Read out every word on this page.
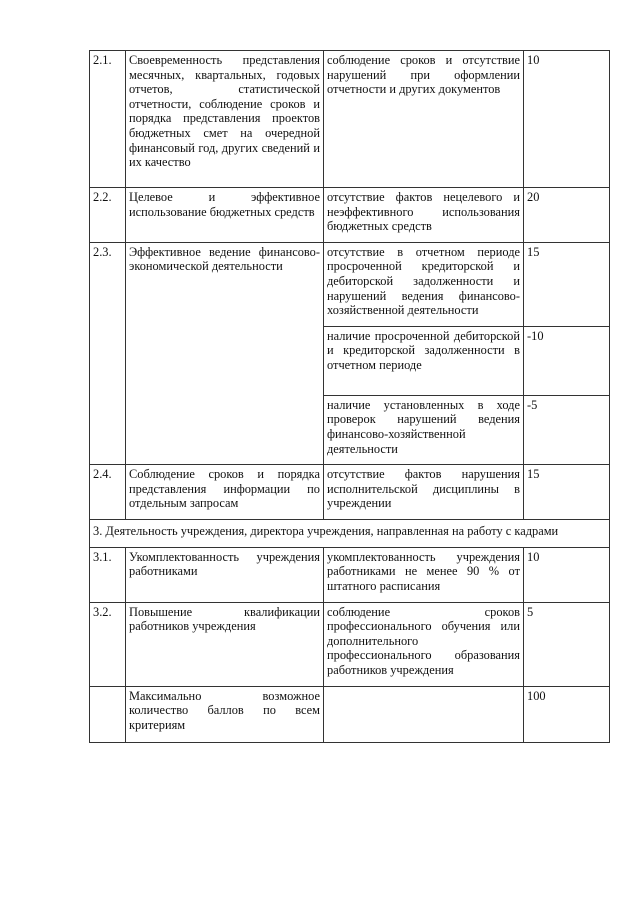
2.1.	Своевременность представления месячных, квартальных, годовых отчетов, статистической отчетности, соблюдение сроков и порядка представления проектов бюджетных смет на очередной финансовый год, других сведений и их качество	соблюдение сроков и отсутствие нарушений при оформлении отчетности и других документов	10
2.2.	Целевое и эффективное использование бюджетных средств	отсутствие фактов нецелевого и неэффективного использования бюджетных средств	20
2.3.	Эффективное ведение финансово-экономической деятельности	отсутствие в отчетном периоде просроченной кредиторской и дебиторской задолженности и нарушений ведения финансово-хозяйственной деятельности	15
		наличие просроченной дебиторской и кредиторской задолженности в отчетном периоде	-10
		наличие установленных в ходе проверок нарушений ведения финансово-хозяйственной деятельности	-5
2.4.	Соблюдение сроков и порядка представления информации по отдельным запросам	отсутствие фактов нарушения исполнительской дисциплины в учреждении	15
3. Деятельность учреждения, директора учреждения, направленная на работу с кадрами			
3.1.	Укомплектованность учреждения работниками	укомплектованность учреждения работниками не менее 90 % от штатного расписания	10
3.2.	Повышение квалификации работников учреждения	соблюдение сроков профессионального обучения или дополнительного профессионального образования работников учреждения	5
	Максимально возможное количество баллов по всем критериям		100
